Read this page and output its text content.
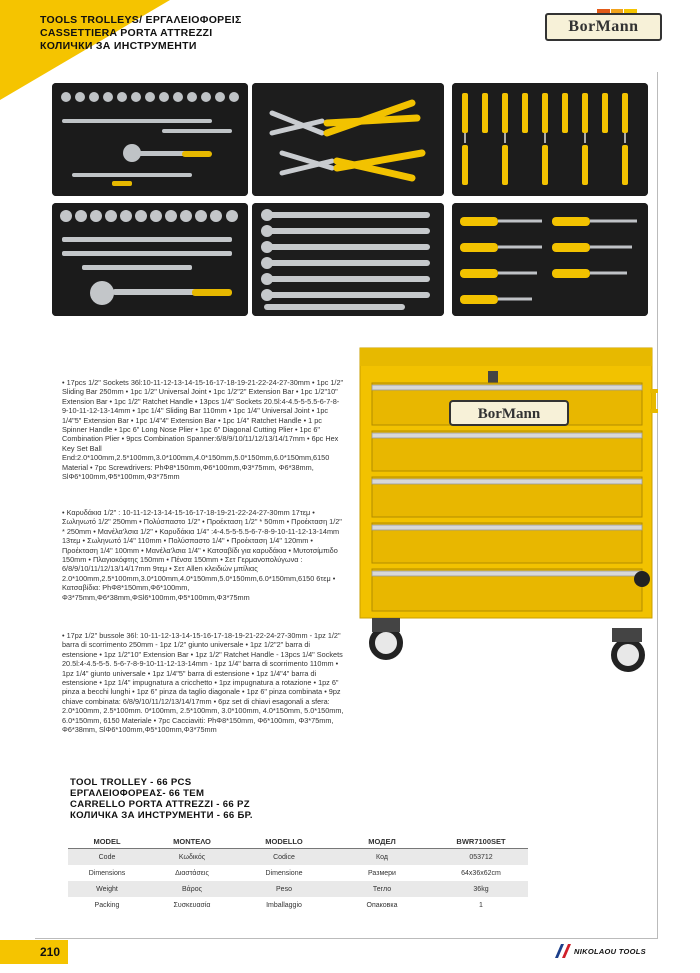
TOOLS TROLLEYS/ ΕΡΓΑΛΕΙΟΦΟΡΕΙΣ
CASSETTIERA PORTA ATTREZZI
КОЛИЧКИ ЗА ИНСТРУМЕНТИ
BorMann
BorMann

• 17pcs 1/2" Sockets 36l:10-11-12-13-14-15-16-17-18-19-21-22-24-27-30mm • 1pc 1/2" Sliding Bar 250mm • 1pc 1/2" Universal Joint • 1pc 1/2"2" Extension Bar • 1pc 1/2"10" Extension Bar • 1pc 1/2" Ratchet Handle • 13pcs 1/4" Sockets 20.5l:4-4.5-5-5.5-6-7-8-9-10-11-12-13-14mm • 1pc 1/4" Sliding Bar 110mm • 1pc 1/4" Universal Joint • 1pc 1/4"5" Extension Bar • 1pc 1/4"4" Extension Bar • 1pc 1/4" Ratchet Handle • 1 pc Spinner Handle • 1pc 6" Long Nose Plier • 1pc 6" Diagonal Cutting Plier • 1pc 6" Combination Plier • 9pcs Combination Spanner:6/8/9/10/11/12/13/14/17mm • 6pc Hex Key Set Ball End:2.0*100mm,2.5*100mm,3.0*100mm,4.0*150mm,5.0*150mm,6.0*150mm,6150 Material • 7pc Screwdrivers: PhΦ8*150mm,Φ6*100mm,Φ3*75mm, Φ6*38mm, SlΦ6*100mm,Φ5*100mm,Φ3*75mm

• Καρυδάκια 1/2" : 10-11-12-13-14-15-16-17-18-19-21-22-24-27-30mm 17τεμ • Σωληνωτό 1/2" 250mm • Πολύσπαστο 1/2" • Προέκταση 1/2" * 50mm • Προέκταση 1/2" * 250mm • Μανέλα'λσια 1/2" • Καρυδάκια 1/4" :4-4.5-5-5.5-6-7-8-9-10-11-12-13-14mm 13τεμ • Σωληνωτό 1/4" 110mm • Πολύσπαστο 1/4" • Προέκταση 1/4" 120mm • Προέκταση 1/4" 100mm • Μανέλα'λσια 1/4" • Κατσαβίδι για καρυδάκια • Μυτοτσίμπιδο 150mm • Πλαγιοκόφτης 150mm • Πένσα 150mm • Σετ Γερμανοπολύγωνα : 6/8/9/10/11/12/13/14/17mm 9τεμ • Σετ Allen κλειδιών μπίλιας 2.0*100mm,2.5*100mm,3.0*100mm,4.0*150mm,5.0*150mm,6.0*150mm,6150 6τεμ • Κατσαβίδια: PhΦ8*150mm,Φ6*100mm, Φ3*75mm,Φ6*38mm,ΦSl6*100mm,Φ5*100mm,Φ3*75mm

• 17pz 1/2" bussole 36l: 10-11-12-13-14-15-16-17-18-19-21-22-24-27-30mm - 1pz 1/2" barra di scorrimento 250mm - 1pz 1/2" giunto universale • 1pz 1/2"2" barra di estensione • 1pz 1/2"10" Extension Bar • 1pz 1/2" Ratchet Handle - 13pcs 1/4" Sockets 20.5l:4-4.5-5-5. 5-6-7-8-9-10-11-12-13-14mm - 1pz 1/4" barra di scorrimento 110mm • 1pz 1/4" giunto universale • 1pz 1/4"5" barra di estensione • 1pz 1/4"4" barra di estensione • 1pz 1/4" impugnatura a cricchetto • 1pz impugnatura a rotazione • 1pz 6" pinza a becchi lunghi • 1pz 6" pinza da taglio diagonale • 1pz 6" pinza combinata • 9pz chiave combinata: 6/8/9/10/11/12/13/14/17mm • 6pz set di chiavi esagonali a sfera: 2.0*100mm, 2.5*100mm. 0*100mm, 2.5*100mm, 3.0*100mm, 4.0*150mm, 5.0*150mm, 6.0*150mm, 6150 Materiale • 7pc Cacciaviti: PhΦ8*150mm, Φ6*100mm, Φ3*75mm, Φ6*38mm, SlΦ6*100mm,Φ5*100mm,Φ3*75mm

TOOL TROLLEY - 66 PCS
ΕΡΓΑΛΕΙΟΦΟΡΕΑΣ- 66 ΤΕΜ
CARRELLO PORTA ATTREZZI - 66 PZ
КОЛИЧКА ЗА ИНСТРУМЕНТИ - 66 БР.
MODEL	ΜΟΝΤΕΛΟ	MODELLO	МОДЕЛ	BWR7100SET
Code	Κωδικός	Codice	Код	053712
Dimensions	Διαστάσεις	Dimensione	Размери	64x36x62cm
Weight	Βάρος	Peso	Тегло	36kg
Packing	Συσκευασία	Imballaggio	Опаковка	1
210	NIKOLAOU TOOLS
